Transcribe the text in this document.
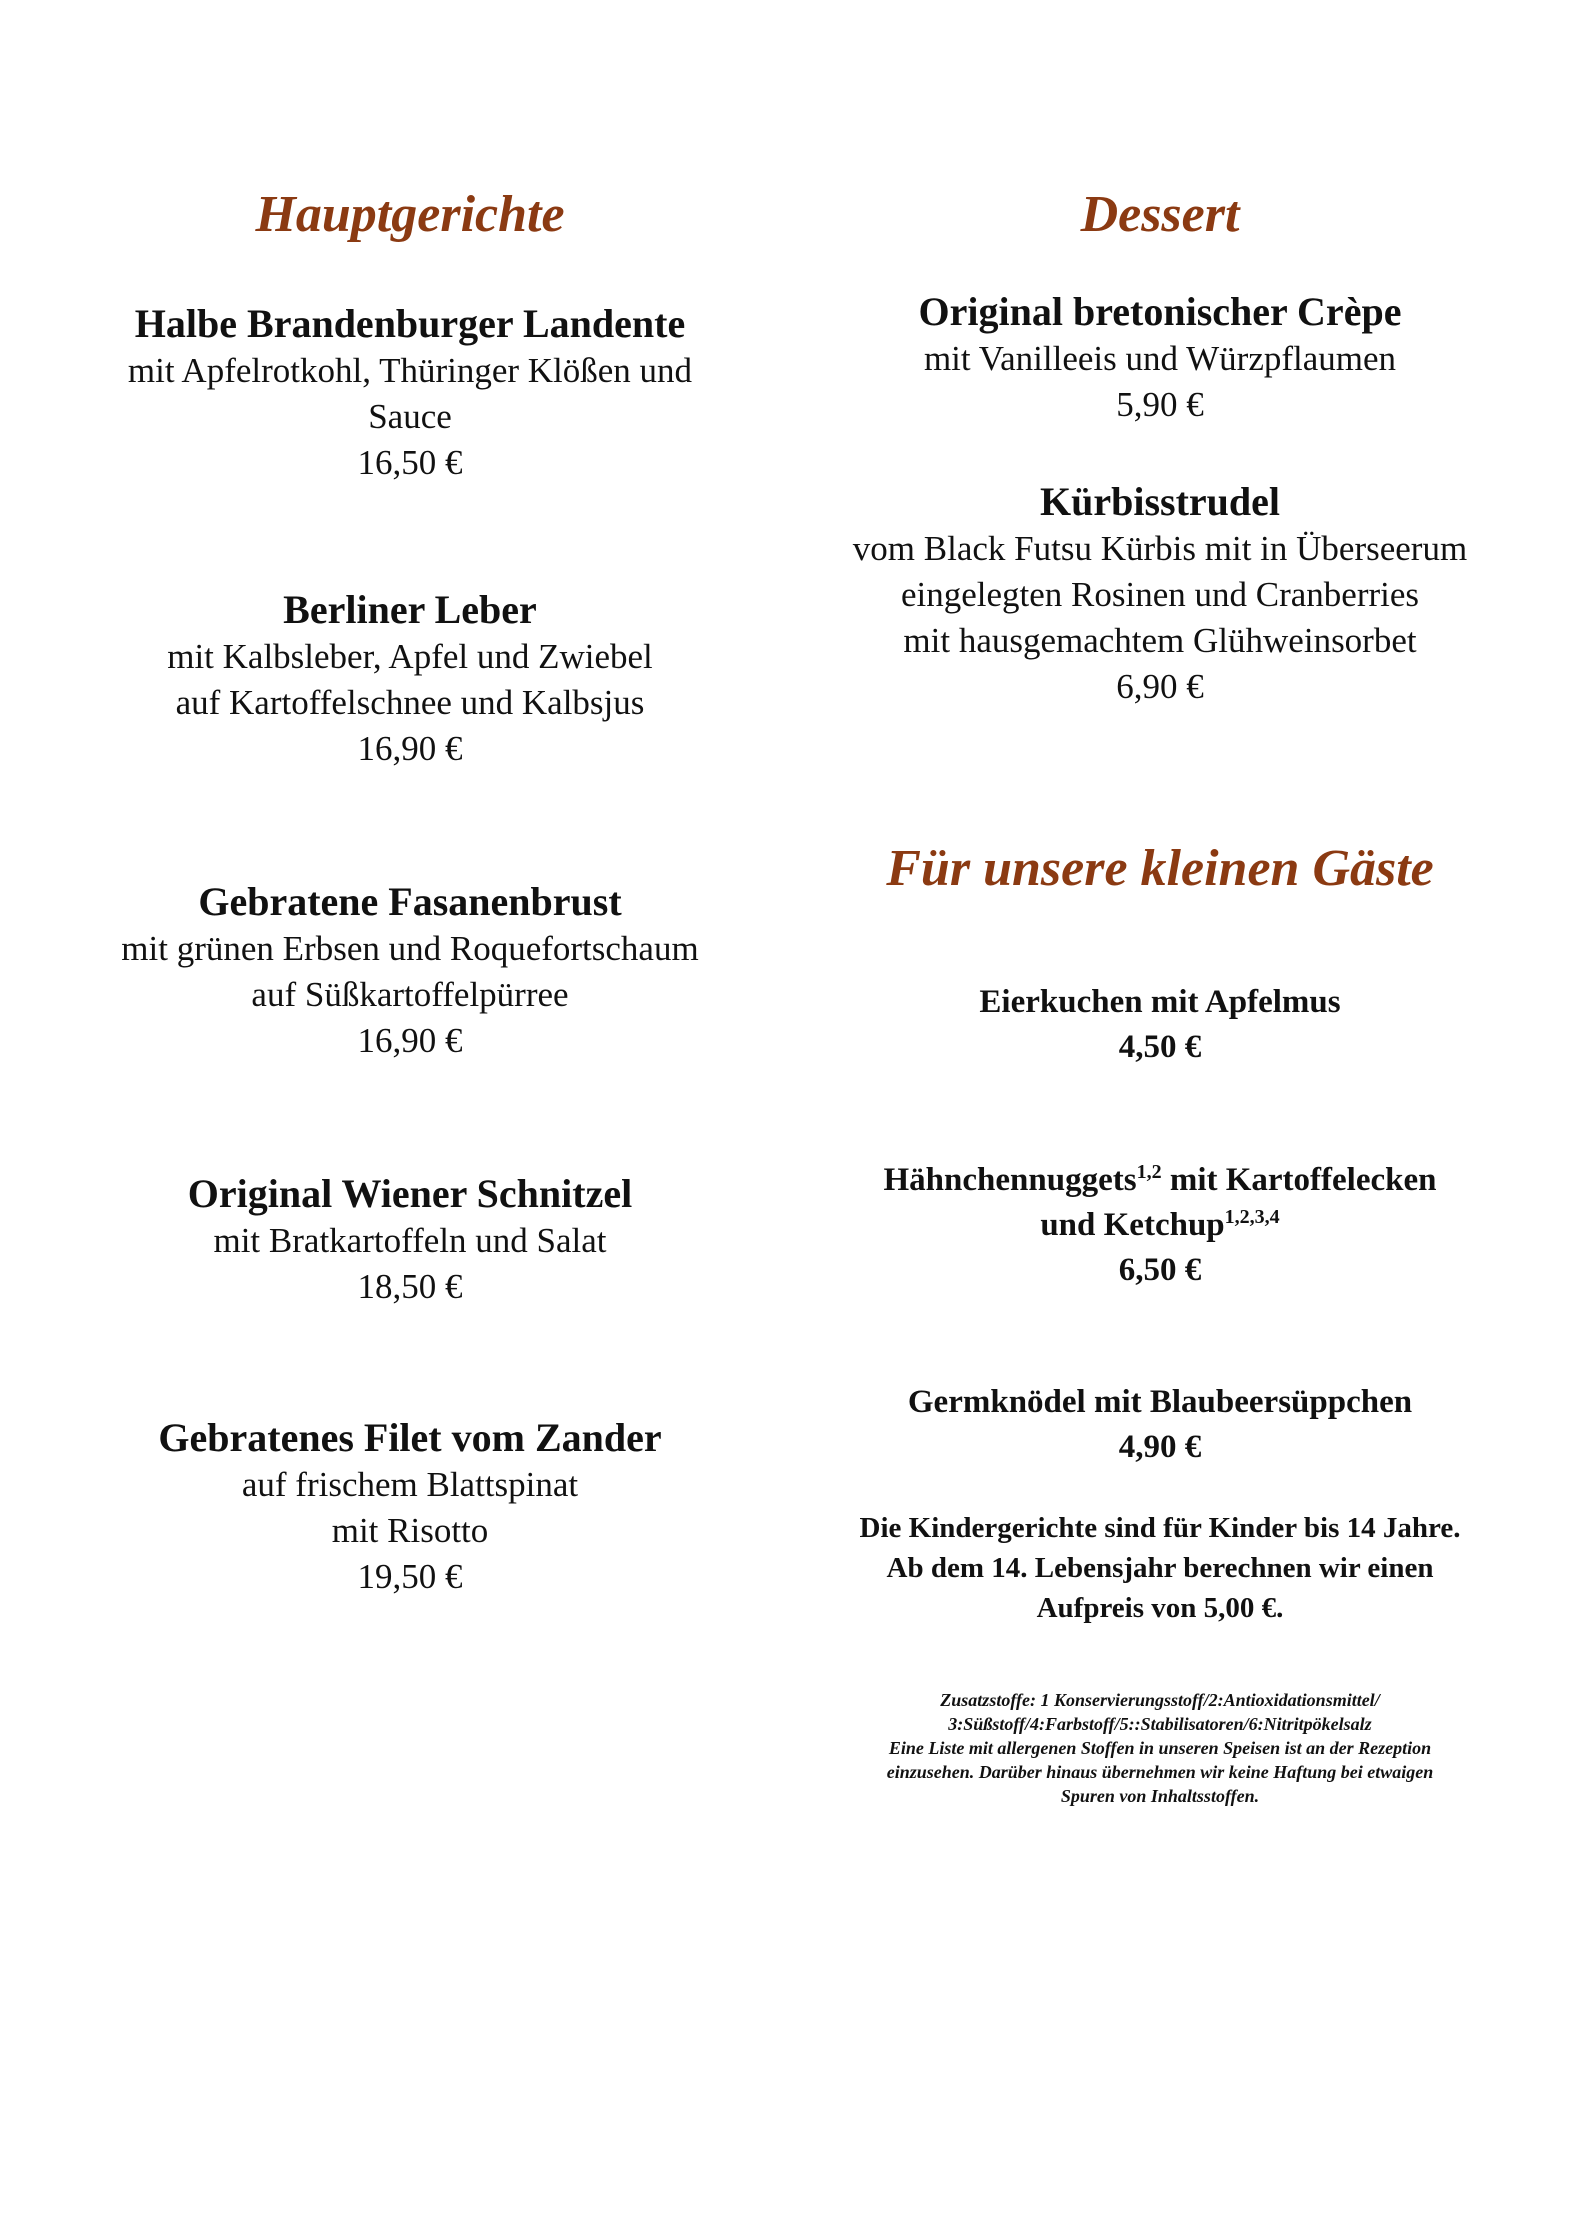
Hauptgerichte
Halbe Brandenburger Landente
mit Apfelrotkohl, Thüringer Klößen und
Sauce
16,50 €
Berliner Leber
mit Kalbsleber, Apfel und Zwiebel
auf Kartoffelschnee und Kalbsjus
16,90 €
Gebratene Fasanenbrust
mit grünen Erbsen und Roquefortschaum
auf Süßkartoffelpürree
16,90 €
Original Wiener Schnitzel
mit Bratkartoffeln und Salat
18,50 €
Gebratenes Filet vom Zander
auf frischem Blattspinat
mit Risotto
19,50 €
Dessert
Original bretonischer Crèpe
mit Vanilleeis und Würzpflaumen
5,90 €
Kürbisstrudel
vom Black Futsu Kürbis mit in Überseerum
eingelegten Rosinen und Cranberries
mit hausgemachtem Glühweinsorbet
6,90 €
Für unsere kleinen Gäste
Eierkuchen mit Apfelmus
4,50 €
Hähnchennuggets$^{1,2}$ mit Kartoffelecken
und Ketchup$^{1,2,3,4}$
6,50 €
Germknödel mit Blaubeersüppchen
4,90 €
Die Kindergerichte sind für Kinder bis 14 Jahre.
Ab dem 14. Lebensjahr berechnen wir einen
Aufpreis von 5,00 €.
Zusatzstoffe: 1 Konservierungsstoff/2:Antioxidationsmittel/
3:Süßstoff/4:Farbstoff/5::Stabilisatoren/6:Nitritpökelsalz
Eine Liste mit allergenen Stoffen in unseren Speisen ist an der Rezeption
einzusehen. Darüber hinaus übernehmen wir keine Haftung bei etwaigen
Spuren von Inhaltsstoffen.
